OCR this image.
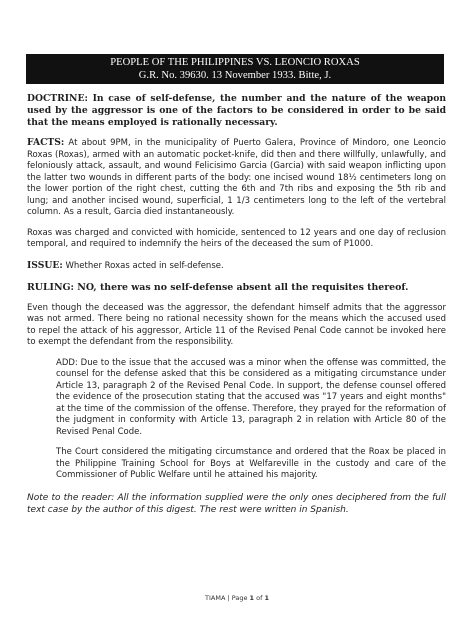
PEOPLE OF THE PHILIPPINES VS. LEONCIO ROXAS
G.R. No. 39630. 13 November 1933. Bitte, J.

DOCTRINE: In case of self-defense, the number and the nature of the weapon used by the aggressor is one of the factors to be considered in order to be said that the means employed is rationally necessary.

FACTS: At about 9PM, in the municipality of Puerto Galera, Province of Mindoro, one Leoncio Roxas (Roxas), armed with an automatic pocket-knife, did then and there willfully, unlawfully, and feloniously attack, assault, and wound Felicisimo Garcia (Garcia) with said weapon inflicting upon the latter two wounds in different parts of the body: one incised wound 18½ centimeters long on the lower portion of the right chest, cutting the 6th and 7th ribs and exposing the 5th rib and lung; and another incised wound, superficial, 1 1/3 centimeters long to the left of the vertebral column. As a result, Garcia died instantaneously.

Roxas was charged and convicted with homicide, sentenced to 12 years and one day of reclusion temporal, and required to indemnify the heirs of the deceased the sum of P1000.

ISSUE: Whether Roxas acted in self-defense.

RULING: NO, there was no self-defense absent all the requisites thereof.

Even though the deceased was the aggressor, the defendant himself admits that the aggressor was not armed. There being no rational necessity shown for the means which the accused used to repel the attack of his aggressor, Article 11 of the Revised Penal Code cannot be invoked here to exempt the defendant from the responsibility.

ADD: Due to the issue that the accused was a minor when the offense was committed, the counsel for the defense asked that this be considered as a mitigating circumstance under Article 13, paragraph 2 of the Revised Penal Code. In support, the defense counsel offered the evidence of the prosecution stating that the accused was "17 years and eight months" at the time of the commission of the offense. Therefore, they prayed for the reformation of the judgment in conformity with Article 13, paragraph 2 in relation with Article 80 of the Revised Penal Code.

The Court considered the mitigating circumstance and ordered that the Roax be placed in the Philippine Training School for Boys at Welfareville in the custody and care of the Commissioner of Public Welfare until he attained his majority.

Note to the reader: All the information supplied were the only ones deciphered from the full text case by the author of this digest. The rest were written in Spanish.

TIAMA | Page 1 of 1
